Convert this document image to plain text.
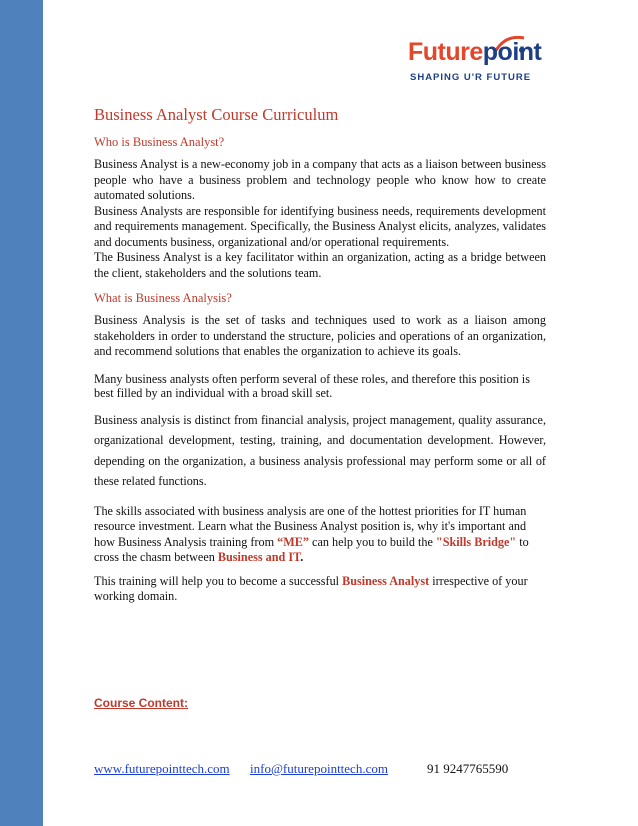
Futurepoint
SHAPING U'R FUTURE
Business Analyst Course Curriculum
Who is Business Analyst?

Business Analyst is a new-economy job in a company that acts as a liaison between business people who have a business problem and technology people who know how to create automated solutions.

Business Analysts are responsible for identifying business needs, requirements development and requirements management. Specifically, the Business Analyst elicits, analyzes, validates and documents business, organizational and/or operational requirements.

The Business Analyst is a key facilitator within an organization, acting as a bridge between the client, stakeholders and the solutions team.

What is Business Analysis?

Business Analysis is the set of tasks and techniques used to work as a liaison among stakeholders in order to understand the structure, policies and operations of an organization, and recommend solutions that enables the organization to achieve its goals.

Many business analysts often perform several of these roles, and therefore this position is best filled by an individual with a broad skill set.

Business analysis is distinct from financial analysis, project management, quality assurance, organizational development, testing, training, and documentation development. However, depending on the organization, a business analysis professional may perform some or all of these related functions.

The skills associated with business analysis are one of the hottest priorities for IT human resource investment. Learn what the Business Analyst position is, why it's important and how Business Analysis training from “ME” can help you to build the "Skills Bridge" to cross the chasm between Business and IT.

This training will help you to become a successful Business Analyst irrespective of your working domain.

Course Content:
www.futurepointtech.com info@futurepointtech.com	91 9247765590
